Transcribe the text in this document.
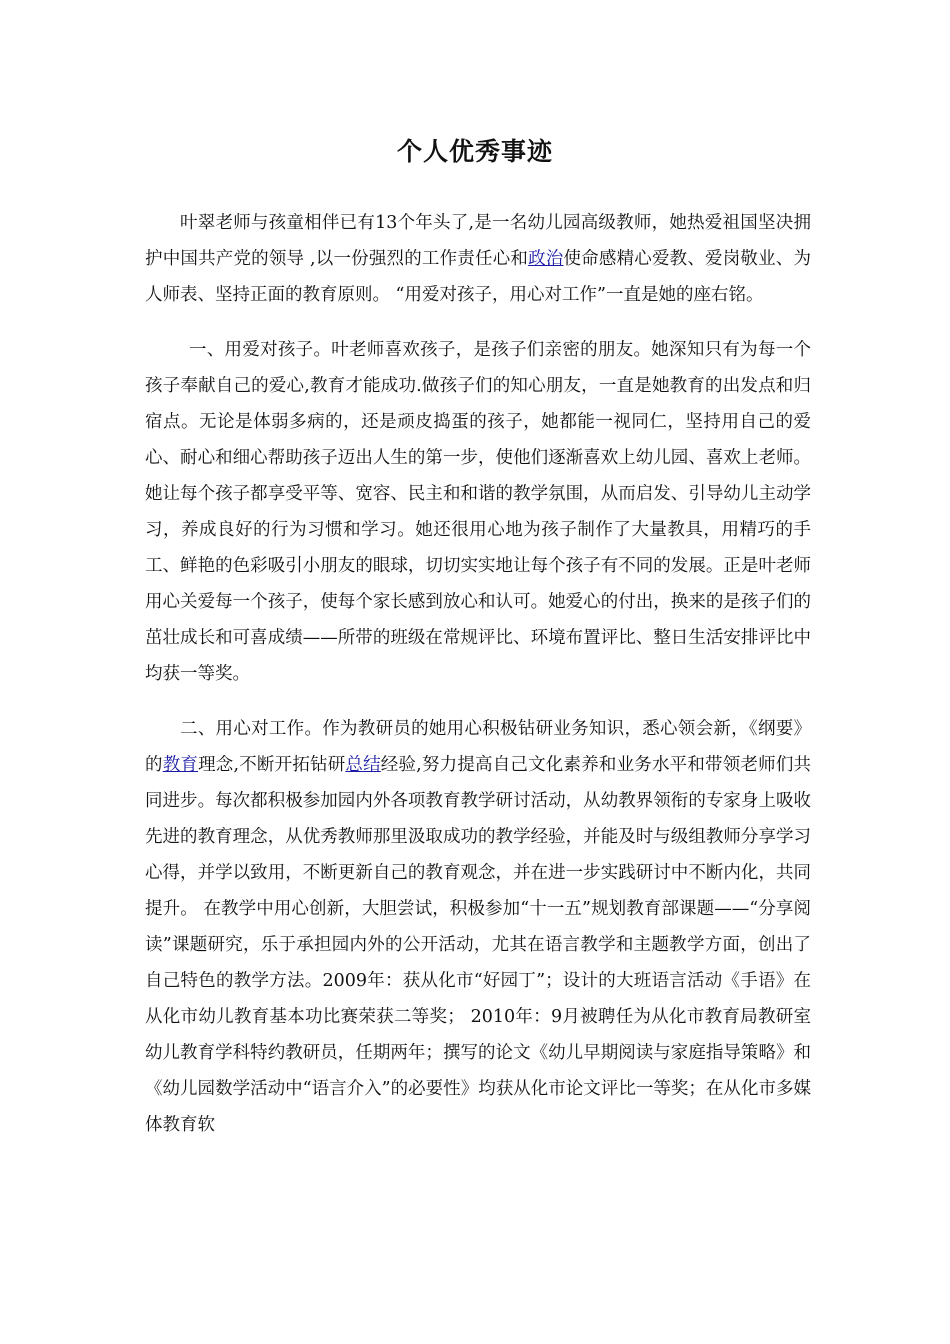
个人优秀事迹

叶翠老师与孩童相伴已有13个年头了,是一名幼儿园高级教师，她热爱祖国坚决拥护中国共产党的领导 ,以一份强烈的工作责任心和政治使命感精心爱教、爱岗敬业、为人师表、坚持正面的教育原则。 “用爱对孩子，用心对工作”一直是她的座右铭。

一、用爱对孩子。叶老师喜欢孩子，是孩子们亲密的朋友。她深知只有为每一个孩子奉献自己的爱心,教育才能成功.做孩子们的知心朋友，一直是她教育的出发点和归宿点。无论是体弱多病的，还是顽皮捣蛋的孩子，她都能一视同仁，坚持用自己的爱心、耐心和细心帮助孩子迈出人生的第一步，使他们逐渐喜欢上幼儿园、喜欢上老师。她让每个孩子都享受平等、宽容、民主和和谐的教学氛围，从而启发、引导幼儿主动学习，养成良好的行为习惯和学习。她还很用心地为孩子制作了大量教具，用精巧的手工、鲜艳的色彩吸引小朋友的眼球，切切实实地让每个孩子有不同的发展。正是叶老师用心关爱每一个孩子，使每个家长感到放心和认可。她爱心的付出，换来的是孩子们的茁壮成长和可喜成绩——所带的班级在常规评比、环境布置评比、整日生活安排评比中均获一等奖。

二、用心对工作。作为教研员的她用心积极钻研业务知识，悉心领会新，《纲要》的教育理念,不断开拓钻研总结经验,努力提高自己文化素养和业务水平和带领老师们共同进步。每次都积极参加园内外各项教育教学研讨活动，从幼教界领衔的专家身上吸收先进的教育理念，从优秀教师那里汲取成功的教学经验，并能及时与级组教师分享学习心得，并学以致用，不断更新自己的教育观念，并在进一步实践研讨中不断内化，共同提升。 在教学中用心创新，大胆尝试，积极参加“十一五”规划教育部课题——“分享阅读”课题研究，乐于承担园内外的公开活动，尤其在语言教学和主题教学方面，创出了自己特色的教学方法。2009年：获从化市“好园丁”；设计的大班语言活动《手语》在从化市幼儿教育基本功比赛荣获二等奖； 2010年：9月被聘任为从化市教育局教研室幼儿教育学科特约教研员，任期两年；撰写的论文《幼儿早期阅读与家庭指导策略》和《幼儿园数学活动中“语言介入”的必要性》均获从化市论文评比一等奖；在从化市多媒体教育软
